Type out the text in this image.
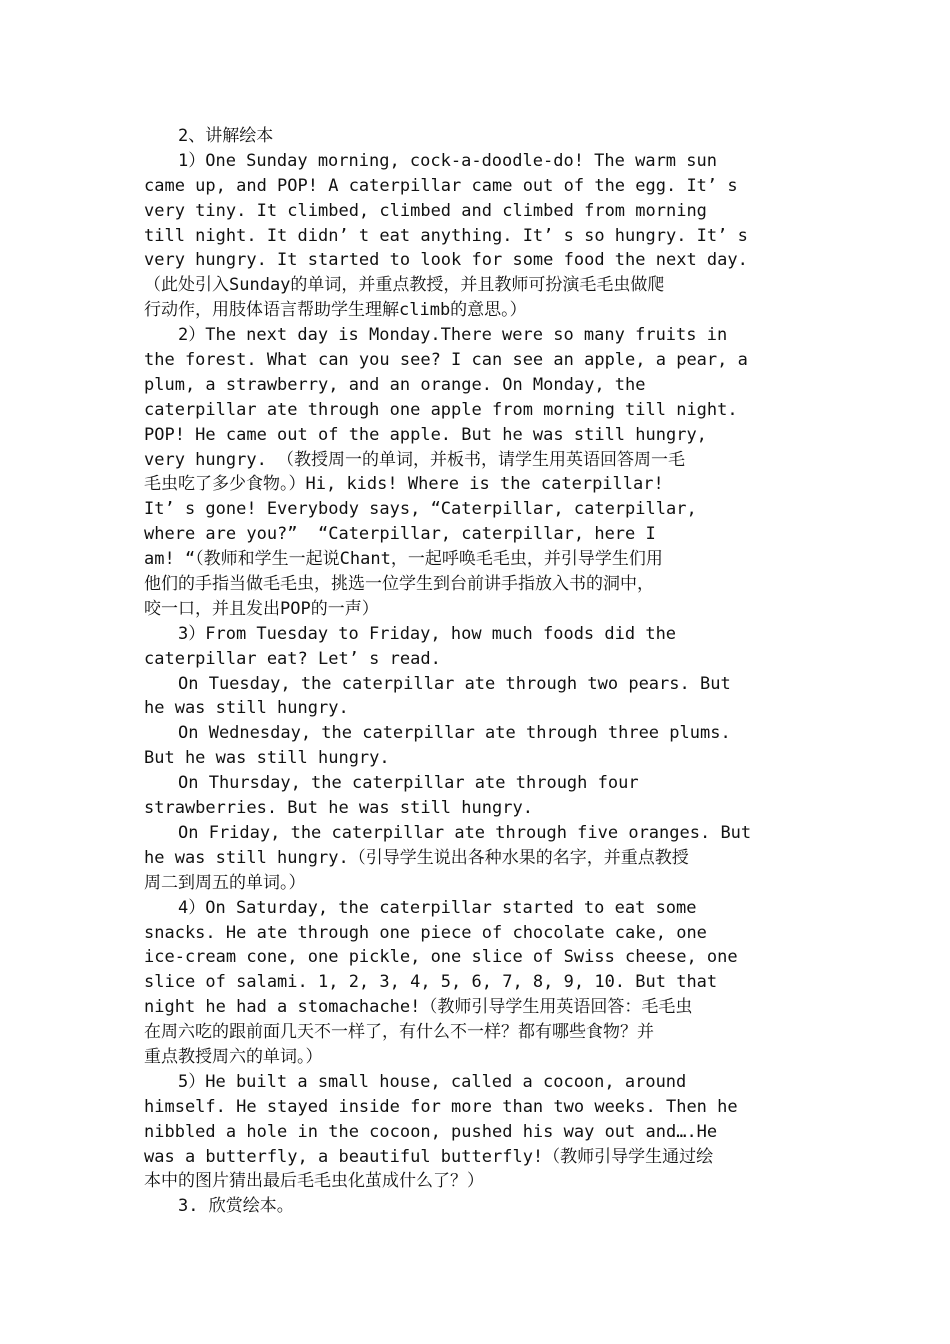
2、讲解绘本
1）One Sunday morning, cock-a-doodle-do! The warm sun
came up, and POP! A caterpillar came out of the egg. It’ s
very tiny. It climbed, climbed and climbed from morning
till night. It didn’ t eat anything. It’ s so hungry. It’ s
very hungry. It started to look for some food the next day.
（此处引入Sunday的单词，并重点教授，并且教师可扮演毛毛虫做爬
行动作，用肢体语言帮助学生理解climb的意思。）
2）The next day is Monday.There were so many fruits in
the forest. What can you see? I can see an apple, a pear, a
plum, a strawberry, and an orange. On Monday, the
caterpillar ate through one apple from morning till night.
POP! He came out of the apple. But he was still hungry,
very hungry. （教授周一的单词，并板书，请学生用英语回答周一毛
毛虫吃了多少食物。）Hi, kids! Where is the caterpillar!
It’ s gone! Everybody says, “Caterpillar, caterpillar,
where are you?”  “Caterpillar, caterpillar, here I
am! “（教师和学生一起说Chant，一起呼唤毛毛虫，并引导学生们用
他们的手指当做毛毛虫，挑选一位学生到台前讲手指放入书的洞中，
咬一口，并且发出POP的一声）
3）From Tuesday to Friday, how much foods did the
caterpillar eat? Let’ s read.
On Tuesday, the caterpillar ate through two pears. But
he was still hungry.
On Wednesday, the caterpillar ate through three plums.
But he was still hungry.
On Thursday, the caterpillar ate through four
strawberries. But he was still hungry.
On Friday, the caterpillar ate through five oranges. But
he was still hungry.（引导学生说出各种水果的名字，并重点教授
周二到周五的单词。）
4）On Saturday, the caterpillar started to eat some
snacks. He ate through one piece of chocolate cake, one
ice-cream cone, one pickle, one slice of Swiss cheese, one
slice of salami. 1, 2, 3, 4, 5, 6, 7, 8, 9, 10. But that
night he had a stomachache!（教师引导学生用英语回答：毛毛虫
在周六吃的跟前面几天不一样了，有什么不一样？都有哪些食物？并
重点教授周六的单词。）
5）He built a small house, called a cocoon, around
himself. He stayed inside for more than two weeks. Then he
nibbled a hole in the cocoon, pushed his way out and….He
was a butterfly, a beautiful butterfly!（教师引导学生通过绘
本中的图片猜出最后毛毛虫化茧成什么了？）
3. 欣赏绘本。
